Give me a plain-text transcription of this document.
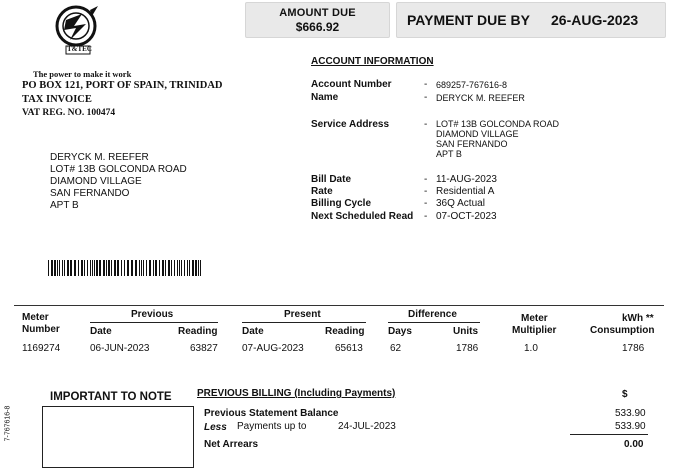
AMOUNT DUE
$666.92	PAYMENT DUE BY 26-AUG-2023
T&TEC
The power to make it work
PO BOX 121, PORT OF SPAIN, TRINIDAD
TAX INVOICE
VAT REG. NO. 100474
DERYCK M. REEFER
LOT# 13B GOLCONDA ROAD
DIAMOND VILLAGE
SAN FERNANDO
APT B
ACCOUNT INFORMATION
Account Number	- 689257-767616-8
Name	- DERYCK M. REEFER
Service Address	- LOT# 13B GOLCONDA ROAD
DIAMOND VILLAGE
SAN FERNANDO
APT B
Bill Date	- 11-AUG-2023
Rate	- Residential A
Billing Cycle	- 36Q Actual
Next Scheduled Read - 07-OCT-2023
Meter
Number
Previous
Date	Reading
Present
Date	Reading
Difference
Days	Units
Meter
Multiplier
kWh **
Consumption
1169274	06-JUN-2023	63827 07-AUG-2023	65613	62	1786	1.0	1786
IMPORTANT TO NOTE
7-767616-8
PREVIOUS BILLING (Including Payments)	$
Previous Statement Balance	533.90
Less Payments up to	24-JUL-2023	533.90
Net Arrears	0.00
